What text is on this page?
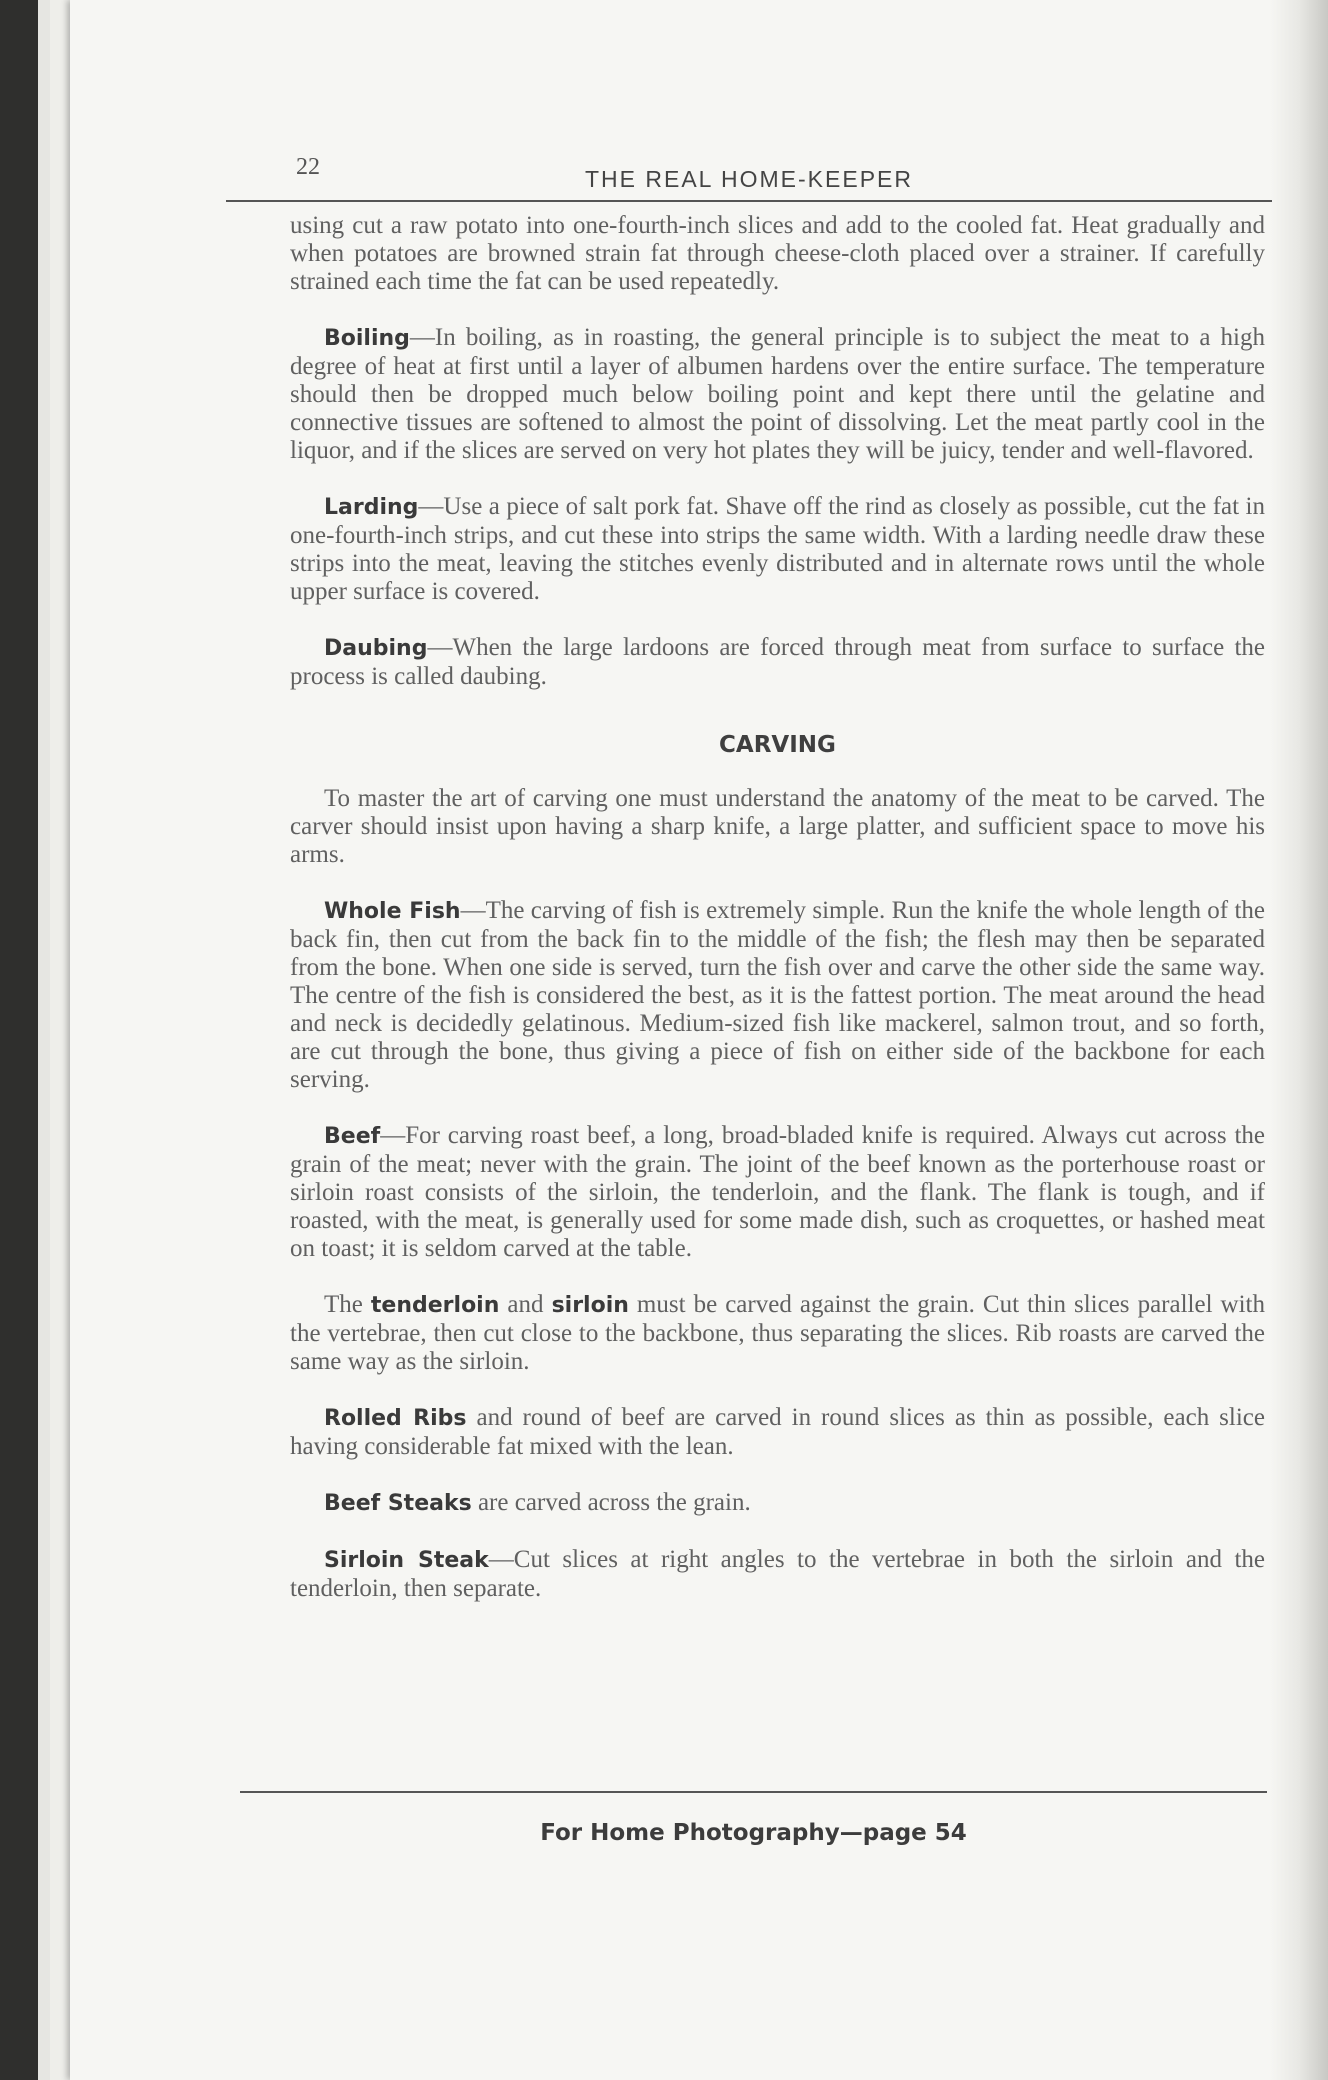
22	THE REAL HOME-KEEPER

using cut a raw potato into one-fourth-inch slices and add to the cooled fat. Heat gradually and when potatoes are browned strain fat through cheese-cloth placed over a strainer. If carefully strained each time the fat can be used repeatedly.

Boiling—In boiling, as in roasting, the general principle is to subject the meat to a high degree of heat at first until a layer of albumen hardens over the entire surface. The temperature should then be dropped much below boiling point and kept there until the gelatine and connective tissues are softened to almost the point of dissolving. Let the meat partly cool in the liquor, and if the slices are served on very hot plates they will be juicy, tender and well-flavored.

Larding—Use a piece of salt pork fat. Shave off the rind as closely as possible, cut the fat in one-fourth-inch strips, and cut these into strips the same width. With a larding needle draw these strips into the meat, leaving the stitches evenly distributed and in alternate rows until the whole upper surface is covered.

Daubing—When the large lardoons are forced through meat from surface to surface the process is called daubing.

CARVING

To master the art of carving one must understand the anatomy of the meat to be carved. The carver should insist upon having a sharp knife, a large platter, and sufficient space to move his arms.

Whole Fish—The carving of fish is extremely simple. Run the knife the whole length of the back fin, then cut from the back fin to the middle of the fish; the flesh may then be separated from the bone. When one side is served, turn the fish over and carve the other side the same way. The centre of the fish is considered the best, as it is the fattest portion. The meat around the head and neck is decidedly gelatinous. Medium-sized fish like mackerel, salmon trout, and so forth, are cut through the bone, thus giving a piece of fish on either side of the backbone for each serving.

Beef—For carving roast beef, a long, broad-bladed knife is required. Always cut across the grain of the meat; never with the grain. The joint of the beef known as the porterhouse roast or sirloin roast consists of the sirloin, the tenderloin, and the flank. The flank is tough, and if roasted, with the meat, is generally used for some made dish, such as croquettes, or hashed meat on toast; it is seldom carved at the table.

The tenderloin and sirloin must be carved against the grain. Cut thin slices parallel with the vertebrae, then cut close to the backbone, thus separating the slices. Rib roasts are carved the same way as the sirloin.

Rolled Ribs and round of beef are carved in round slices as thin as possible, each slice having considerable fat mixed with the lean.

Beef Steaks are carved across the grain.

Sirloin Steak—Cut slices at right angles to the vertebrae in both the sirloin and the tenderloin, then separate.

For Home Photography—page 54
